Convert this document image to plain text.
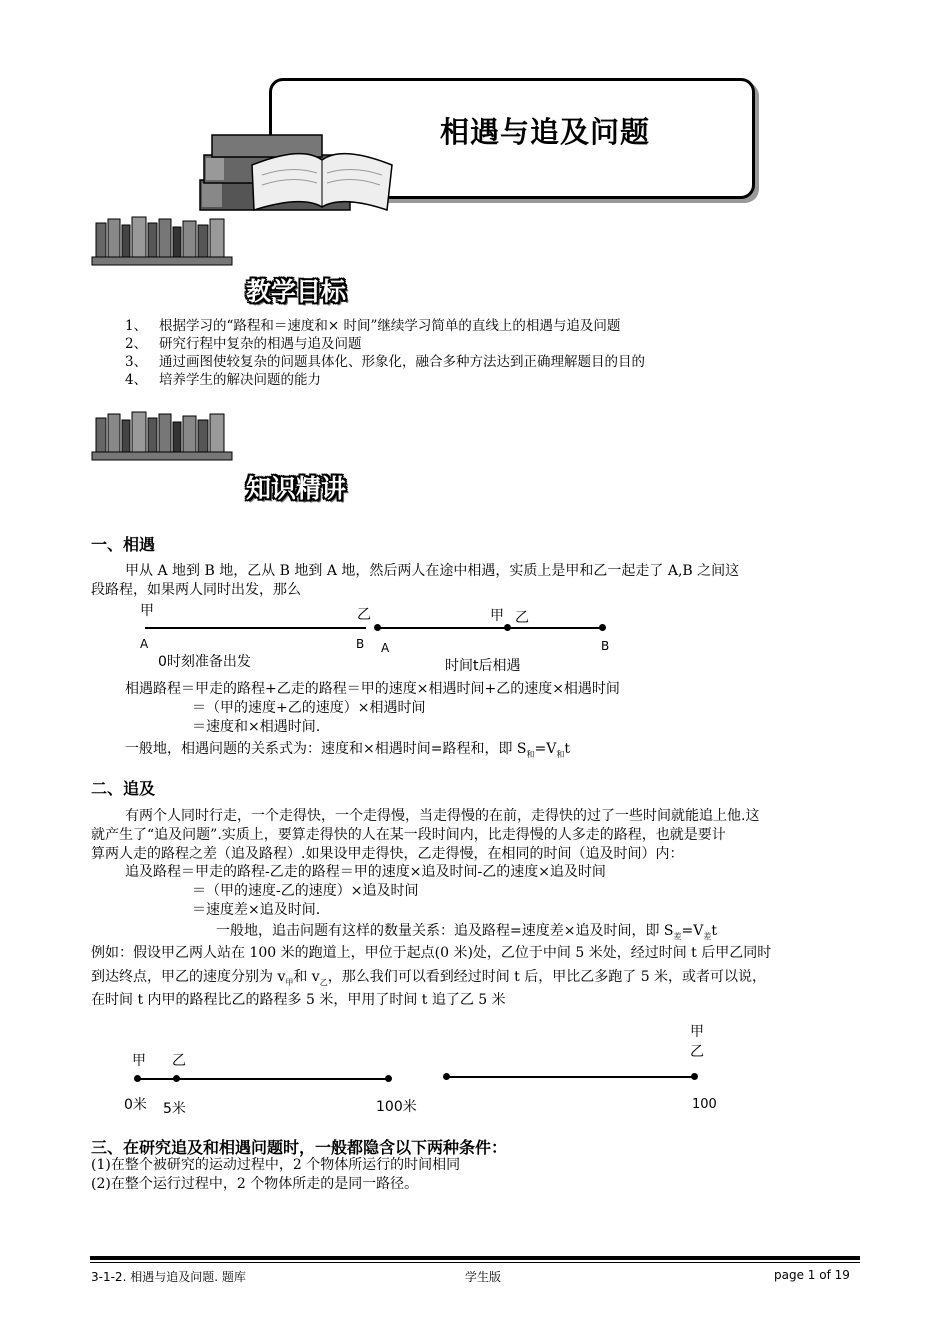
相遇与追及问题
教学目标
1、 根据学习的“路程和＝速度和× 时间”继续学习简单的直线上的相遇与追及问题
2、 研究行程中复杂的相遇与追及问题
3、 通过画图使较复杂的问题具体化、形象化，融合多种方法达到正确理解题目的目的
4、 培养学生的解决问题的能力
知识精讲
一、相遇
甲从 A 地到 B 地，乙从 B 地到 A 地，然后两人在途中相遇，实质上是甲和乙一起走了 A,B 之间这
段路程，如果两人同时出发，那么
甲	乙
A	B
0时刻准备出发
甲 乙
A	B
时间t后相遇
相遇路程＝甲走的路程+乙走的路程＝甲的速度×相遇时间+乙的速度×相遇时间
＝（甲的速度+乙的速度）×相遇时间
＝速度和×相遇时间.
一般地，相遇问题的关系式为：速度和×相遇时间=路程和，即 $S_和=V_和t$
二、追及
有两个人同时行走，一个走得快，一个走得慢，当走得慢的在前，走得快的过了一些时间就能追上他.这
就产生了“追及问题”.实质上，要算走得快的人在某一段时间内，比走得慢的人多走的路程，也就是要计
算两人走的路程之差（追及路程）.如果设甲走得快，乙走得慢，在相同的时间（追及时间）内：
追及路程＝甲走的路程-乙走的路程＝甲的速度×追及时间-乙的速度×追及时间
＝（甲的速度-乙的速度）×追及时间
＝速度差×追及时间.
一般地，追击问题有这样的数量关系：追及路程=速度差×追及时间，即 $S_差=V_差t$
例如：假设甲乙两人站在 100 米的跑道上，甲位于起点(0 米)处，乙位于中间 5 米处，经过时间 t 后甲乙同时
到达终点，甲乙的速度分别为 $v_甲$和 $v_乙$，那么我们可以看到经过时间 t 后，甲比乙多跑了 5 米，或者可以说，
在时间 t 内甲的路程比乙的路程多 5 米，甲用了时间 t 追了乙 5 米
甲 乙
0米 5米	100米
甲
乙
100
三、在研究追及和相遇问题时，一般都隐含以下两种条件：
(1)在整个被研究的运动过程中，2 个物体所运行的时间相同
(2)在整个运行过程中，2 个物体所走的是同一路径。
3-1-2. 相遇与追及问题. 题库	学生版	page 1 of 19
